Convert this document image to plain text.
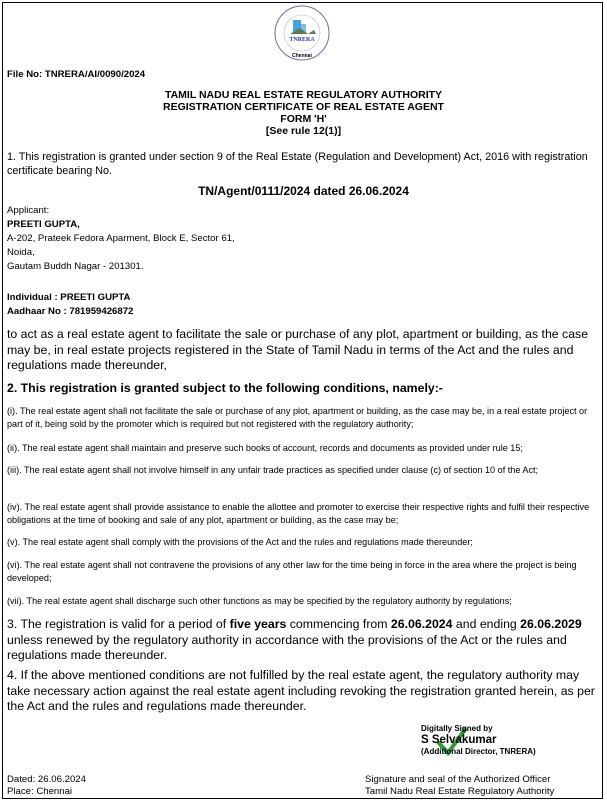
TNRERA
Chennai
File No: TNRERA/AI/0090/2024
TAMIL NADU REAL ESTATE REGULATORY AUTHORITY
REGISTRATION CERTIFICATE OF REAL ESTATE AGENT
FORM 'H'
[See rule 12(1)]
1. This registration is granted under section 9 of the Real Estate (Regulation and Development) Act, 2016 with registration certificate bearing No.
TN/Agent/0111/2024 dated 26.06.2024
Applicant:
PREETI GUPTA,
A-202, Prateek Fedora Aparment, Block E, Sector 61,
Noida,
Gautam Buddh Nagar - 201301.
Individual : PREETI GUPTA
Aadhaar No : 781959426872
to act as a real estate agent to facilitate the sale or purchase of any plot, apartment or building, as the case may be, in real estate projects registered in the State of Tamil Nadu in terms of the Act and the rules and regulations made thereunder,
2. This registration is granted subject to the following conditions, namely:-
(i). The real estate agent shall not facilitate the sale or purchase of any plot, apartment or building, as the case may be, in a real estate project or part of it, being sold by the promoter which is required but not registered with the regulatory authority;
(ii). The real estate agent shall maintain and preserve such books of account, records and documents as provided under rule 15;
(iii). The real estate agent shall not involve himself in any unfair trade practices as specified under clause (c) of section 10 of the Act;
(iv). The real estate agent shall provide assistance to enable the allottee and promoter to exercise their respective rights and fulfil their respective obligations at the time of booking and sale of any plot, apartment or building, as the case may be;
(v). The real estate agent shall comply with the provisions of the Act and the rules and regulations made thereunder;
(vi). The real estate agent shall not contravene the provisions of any other law for the time being in force in the area where the project is being developed;
(vii). The real estate agent shall discharge such other functions as may be specified by the regulatory authority by regulations;
3. The registration is valid for a period of five years commencing from 26.06.2024 and ending 26.06.2029 unless renewed by the regulatory authority in accordance with the provisions of the Act or the rules and regulations made thereunder.
4. If the above mentioned conditions are not fulfilled by the real estate agent, the regulatory authority may take necessary action against the real estate agent including revoking the registration granted herein, as per the Act and the rules and regulations made thereunder.
Digitally Signed by
S Selvakumar
(Additional Director, TNRERA)
Dated: 26.06.2024
Place: Chennai
Signature and seal of the Authorized Officer
Tamil Nadu Real Estate Regulatory Authority
